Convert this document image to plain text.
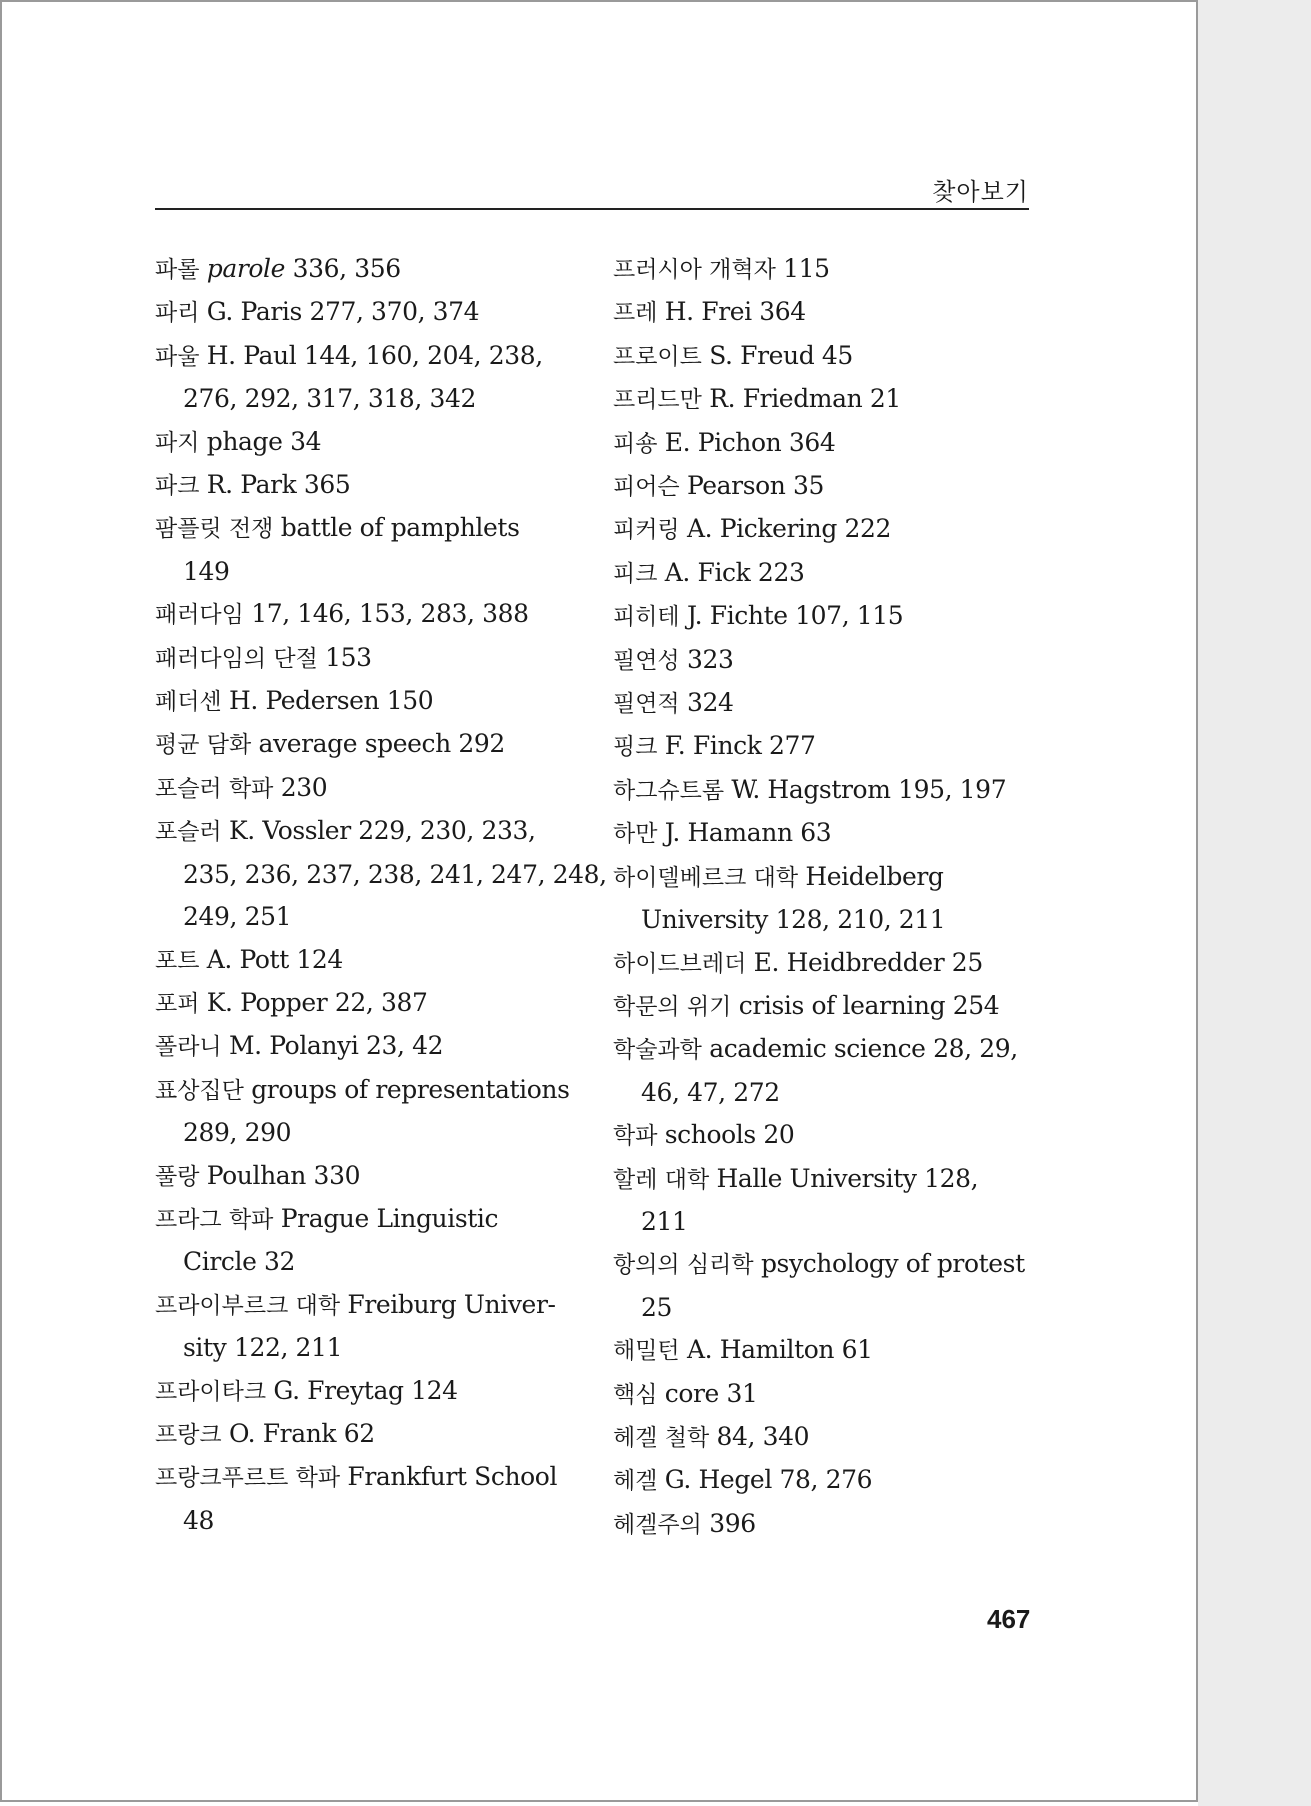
찾아보기
파롤 parole 336, 356
파리 G. Paris 277, 370, 374
파울 H. Paul 144, 160, 204, 238,
276, 292, 317, 318, 342
파지 phage 34
파크 R. Park 365
팜플릿 전쟁 battle of pamphlets
149
패러다임 17, 146, 153, 283, 388
패러다임의 단절 153
페더센 H. Pedersen 150
평균 담화 average speech 292
포슬러 학파 230
포슬러 K. Vossler 229, 230, 233,
235, 236, 237, 238, 241, 247, 248,
249, 251
포트 A. Pott 124
포퍼 K. Popper 22, 387
폴라니 M. Polanyi 23, 42
표상집단 groups of representations
289, 290
풀랑 Poulhan 330
프라그 학파 Prague Linguistic
Circle 32
프라이부르크 대학 Freiburg Univer-
sity 122, 211
프라이타크 G. Freytag 124
프랑크 O. Frank 62
프랑크푸르트 학파 Frankfurt School
48
프러시아 개혁자 115
프레 H. Frei 364
프로이트 S. Freud 45
프리드만 R. Friedman 21
피숑 E. Pichon 364
피어슨 Pearson 35
피커링 A. Pickering 222
피크 A. Fick 223
피히테 J. Fichte 107, 115
필연성 323
필연적 324
핑크 F. Finck 277
하그슈트롬 W. Hagstrom 195, 197
하만 J. Hamann 63
하이델베르크 대학 Heidelberg
University 128, 210, 211
하이드브레더 E. Heidbredder 25
학문의 위기 crisis of learning 254
학술과학 academic science 28, 29,
46, 47, 272
학파 schools 20
할레 대학 Halle University 128,
211
항의의 심리학 psychology of protest
25
해밀턴 A. Hamilton 61
핵심 core 31
헤겔 철학 84, 340
헤겔 G. Hegel 78, 276
헤겔주의 396
467
